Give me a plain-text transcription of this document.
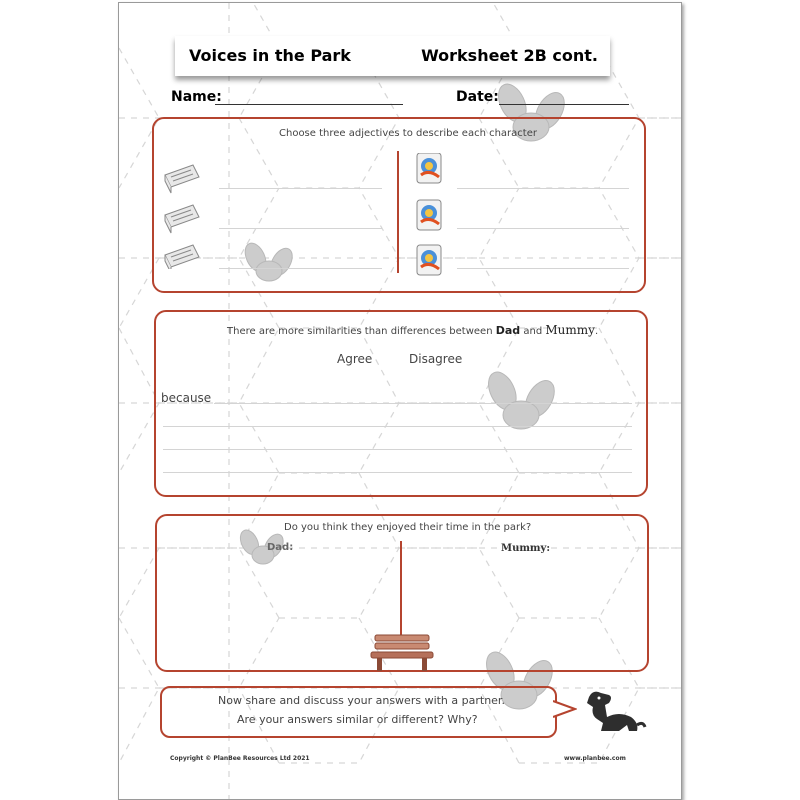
Voices in the Park	Worksheet 2B cont.
Name:	Date:
Choose three adjectives to describe each character
There are more similarities than differences between Dad and Mummy.
Agree	Disagree
because
Do you think they enjoyed their time in the park?
Dad:	Mummy:
Now share and discuss your answers with a partner.
Are your answers similar or different? Why?
Copyright © PlanBee Resources Ltd 2021	www.planbee.com
